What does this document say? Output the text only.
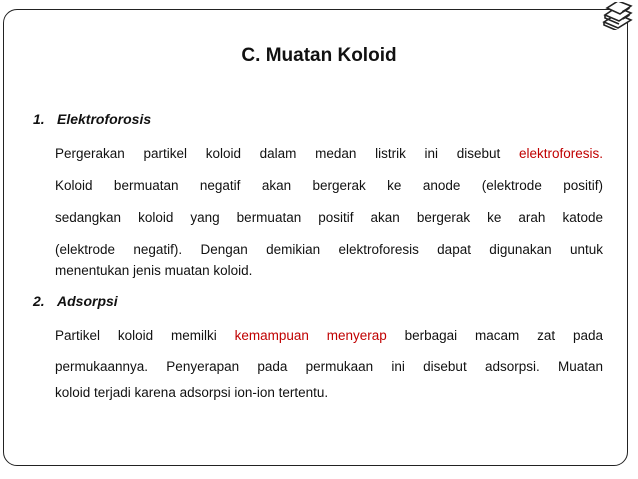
C. Muatan Koloid
1. Elektroforosis
Pergerakan partikel koloid dalam medan listrik ini disebut elektroforesis.
Koloid bermuatan negatif akan bergerak ke anode (elektrode positif)
sedangkan koloid yang bermuatan positif akan bergerak ke arah katode
(elektrode negatif). Dengan demikian elektroforesis dapat digunakan untuk
menentukan jenis muatan koloid.
2. Adsorpsi
Partikel koloid memilki kemampuan menyerap berbagai macam zat pada
permukaannya. Penyerapan pada permukaan ini disebut adsorpsi. Muatan
koloid terjadi karena adsorpsi ion-ion tertentu.
